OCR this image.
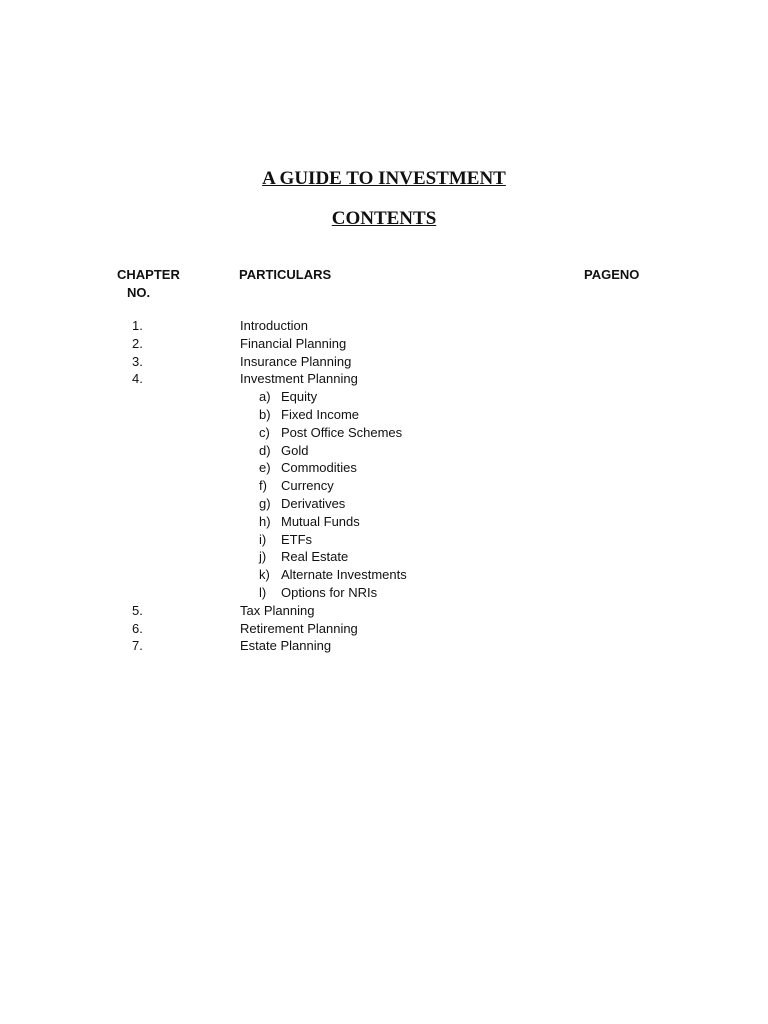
A GUIDE TO INVESTMENT
CONTENTS
CHAPTER
NO.
PARTICULARS	PAGENO
1.	Introduction
2.	Financial Planning
3.	Insurance Planning
4.	Investment Planning
a) Equity
b) Fixed Income
c) Post Office Schemes
d) Gold
e) Commodities
f) Currency
g) Derivatives
h) Mutual Funds
i) ETFs
j) Real Estate
k) Alternate Investments
l) Options for NRIs
5.	Tax Planning
6.	Retirement Planning
7.	Estate Planning
